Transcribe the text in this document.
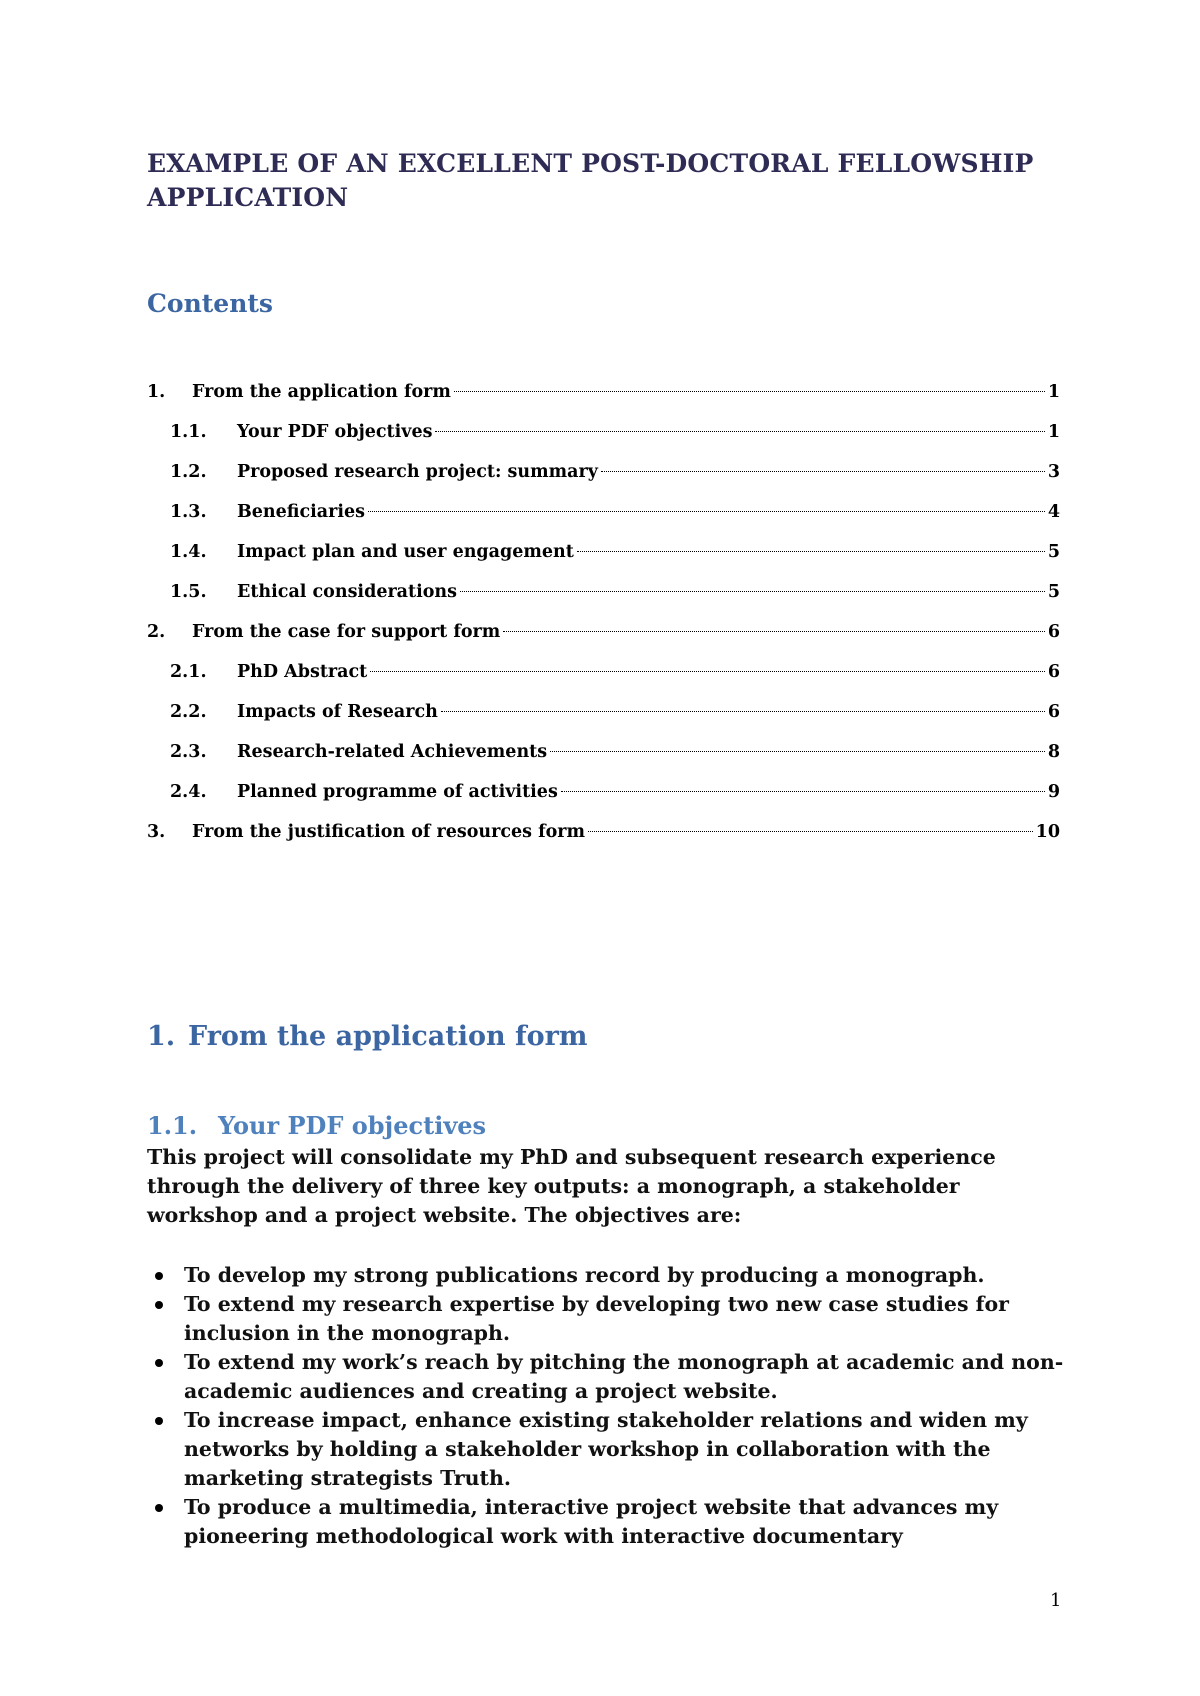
EXAMPLE OF AN EXCELLENT POST-DOCTORAL FELLOWSHIP APPLICATION
Contents
1.	From the application form	1
1.1.	Your PDF objectives	1
1.2.	Proposed research project: summary	3
1.3.	Beneficiaries	4
1.4.	Impact plan and user engagement	5
1.5.	Ethical considerations	5
2.	From the case for support form	6
2.1.	PhD Abstract	6
2.2.	Impacts of Research	6
2.3.	Research-related Achievements	8
2.4.	Planned programme of activities	9
3.	From the justification of resources form	10
1. From the application form
1.1. Your PDF objectives

This project will consolidate my PhD and subsequent research experience through the delivery of three key outputs: a monograph, a stakeholder workshop and a project website. The objectives are:

To develop my strong publications record by producing a monograph.
To extend my research expertise by developing two new case studies for inclusion in the monograph.
To extend my work’s reach by pitching the monograph at academic and non-academic audiences and creating a project website.
To increase impact, enhance existing stakeholder relations and widen my networks by holding a stakeholder workshop in collaboration with the marketing strategists Truth.
To produce a multimedia, interactive project website that advances my pioneering methodological work with interactive documentary

1
